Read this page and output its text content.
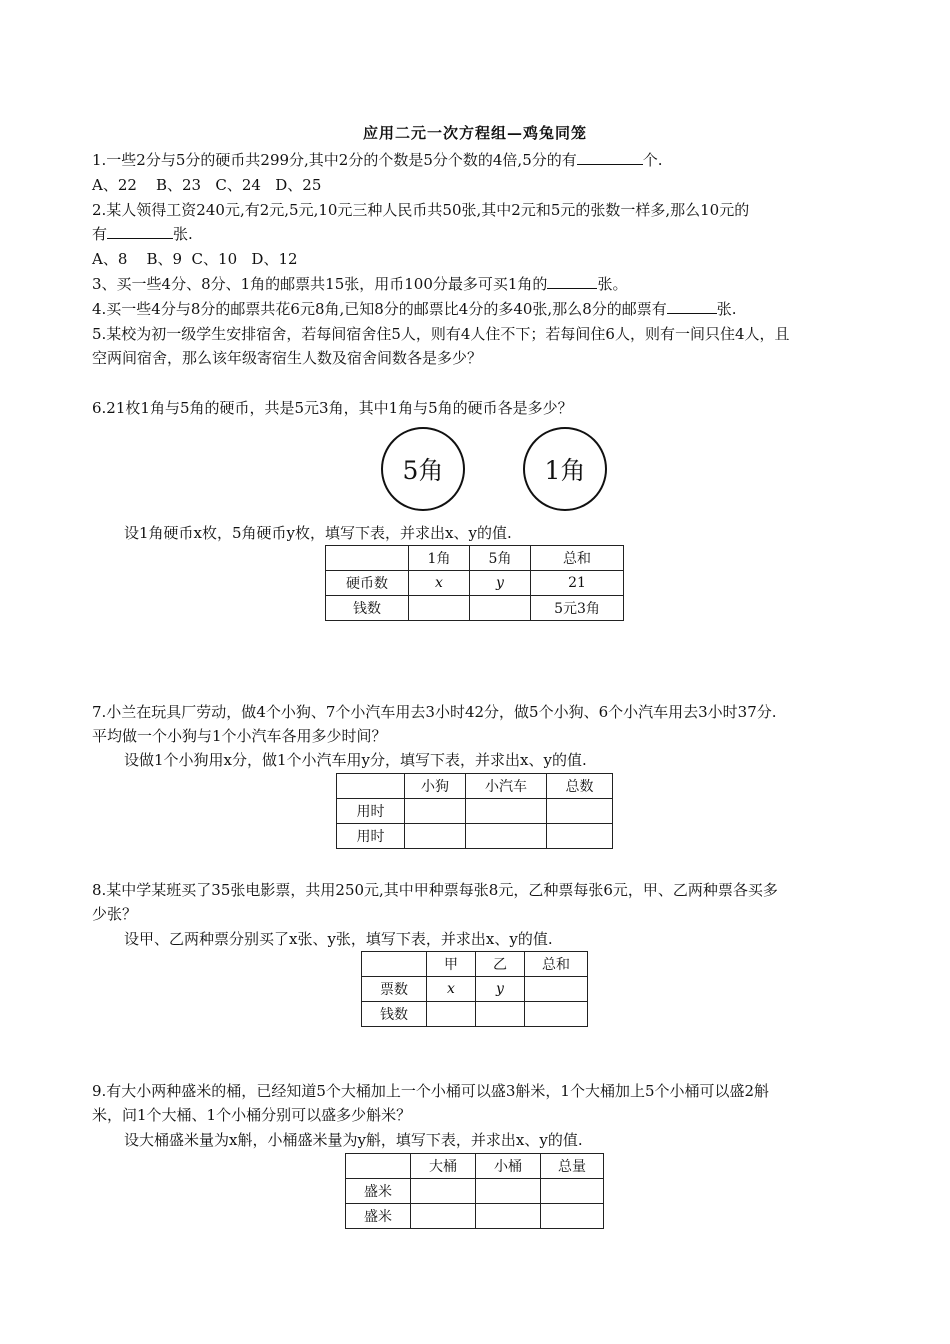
应用二元一次方程组—鸡兔同笼
1.一些2分与5分的硬币共299分,其中2分的个数是5分个数的4倍,5分的有	个.
A、22    B、23   C、24   D、25
2.某人领得工资240元,有2元,5元,10元三种人民币共50张,其中2元和5元的张数一样多,那么10元的
有	张.
A、8    B、9  C、10   D、12
3、买一些4分、8分、1角的邮票共15张，用币100分最多可买1角的	张。
4.买一些4分与8分的邮票共花6元8角,已知8分的邮票比4分的多40张,那么8分的邮票有	张.
5.某校为初一级学生安排宿舍，若每间宿舍住5人，则有4人住不下；若每间住6人，则有一间只住4人，且
空两间宿舍，那么该年级寄宿生人数及宿舍间数各是多少？
6.21枚1角与5角的硬币，共是5元3角，其中1角与5角的硬币各是多少？
5角	1角
设1角硬币x枚，5角硬币y枚，填写下表，并求出x、y的值.
	1角	5角	总和
硬币数	x	y	21
钱数			5元3角
7.小兰在玩具厂劳动，做4个小狗、7个小汽车用去3小时42分，做5个小狗、6个小汽车用去3小时37分.
平均做一个小狗与1个小汽车各用多少时间？
设做1个小狗用x分，做1个小汽车用y分，填写下表，并求出x、y的值.
	小狗	小汽车	总数
用时			
用时			
8.某中学某班买了35张电影票，共用250元,其中甲种票每张8元，乙种票每张6元，甲、乙两种票各买多
少张？
设甲、乙两种票分别买了x张、y张，填写下表，并求出x、y的值.
	甲	乙	总和
票数	x	y	
钱数			
9.有大小两种盛米的桶，已经知道5个大桶加上一个小桶可以盛3斛米，1个大桶加上5个小桶可以盛2斛
米，问1个大桶、1个小桶分别可以盛多少斛米？
设大桶盛米量为x斛，小桶盛米量为y斛，填写下表，并求出x、y的值.
	大桶	小桶	总量
盛米			
盛米			
